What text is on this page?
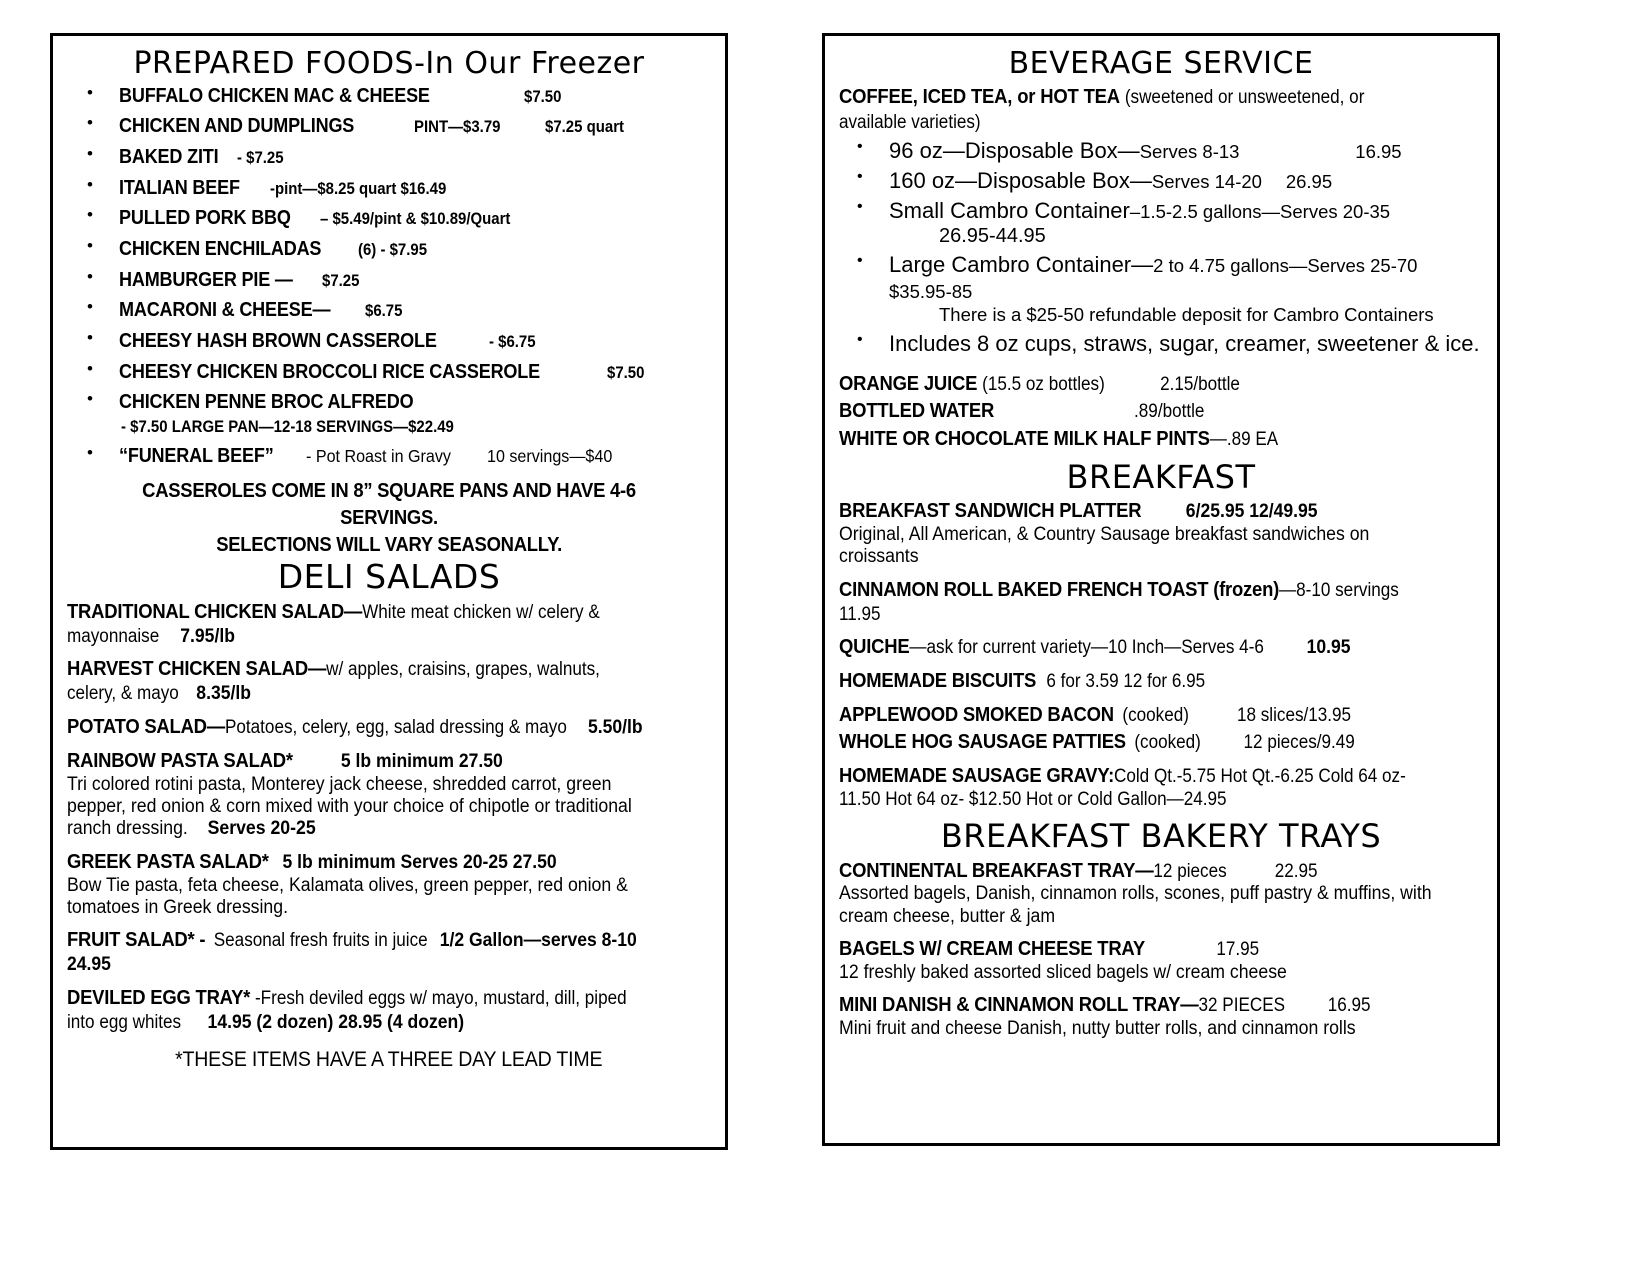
PREPARED FOODS-In Our Freezer
• BUFFALO CHICKEN MAC & CHEESE	$7.50
• CHICKEN AND DUMPLINGS	PINT—$3.79	$7.25 quart
• BAKED ZITI - $7.25
• ITALIAN BEEF -pint—$8.25 quart $16.49
• PULLED PORK BBQ – $5.49/pint & $10.89/Quart
• CHICKEN ENCHILADAS (6) - $7.95
• HAMBURGER PIE — $7.25
• MACARONI & CHEESE— $6.75
• CHEESY HASH BROWN CASSEROLE	- $6.75
• CHEESY CHICKEN BROCCOLI RICE CASSEROLE	$7.50
• CHICKEN PENNE BROC ALFREDO - $7.50 LARGE PAN—12-18 SERVINGS—$22.49
• “FUNERAL BEEF” - Pot Roast in Gravy 10 servings—$40
CASSEROLES COME IN 8” SQUARE PANS AND HAVE 4-6 SERVINGS.
SELECTIONS WILL VARY SEASONALLY.
DELI SALADS
TRADITIONAL CHICKEN SALAD—White meat chicken w/ celery & mayonnaise 7.95/lb
HARVEST CHICKEN SALAD—w/ apples, craisins, grapes, walnuts, celery, & mayo 8.35/lb
POTATO SALAD—Potatoes, celery, egg, salad dressing & mayo 5.50/lb
RAINBOW PASTA SALAD* 5 lb minimum 27.50
Tri colored rotini pasta, Monterey jack cheese, shredded carrot, green pepper, red onion & corn mixed with your choice of chipotle or traditional ranch dressing. Serves 20-25
GREEK PASTA SALAD* 5 lb minimum Serves 20-25 27.50
Bow Tie pasta, feta cheese, Kalamata olives, green pepper, red onion & tomatoes in Greek dressing.
FRUIT SALAD* - Seasonal fresh fruits in juice 1/2 Gallon—serves 8-10 24.95
DEVILED EGG TRAY* -Fresh deviled eggs w/ mayo, mustard, dill, piped into egg whites 14.95 (2 dozen) 28.95 (4 dozen)
*THESE ITEMS HAVE A THREE DAY LEAD TIME
BEVERAGE SERVICE
COFFEE, ICED TEA, or HOT TEA (sweetened or unsweetened, or available varieties)
• 96 oz—Disposable Box—Serves 8-13	16.95
• 160 oz—Disposable Box—Serves 14-20 26.95
• Small Cambro Container–1.5-2.5 gallons—Serves 20-35
26.95-44.95
• Large Cambro Container—2 to 4.75 gallons—Serves 25-70 $35.95-85
There is a $25-50 refundable deposit for Cambro Containers
• Includes 8 oz cups, straws, sugar, creamer, sweetener & ice.
ORANGE JUICE (15.5 oz bottles)	2.15/bottle
BOTTLED WATER	.89/bottle
WHITE OR CHOCOLATE MILK HALF PINTS—.89 EA
BREAKFAST
BREAKFAST SANDWICH PLATTER 6/25.95 12/49.95
Original, All American, & Country Sausage breakfast sandwiches on croissants
CINNAMON ROLL BAKED FRENCH TOAST (frozen)—8-10 servings 11.95
QUICHE—ask for current variety—10 Inch—Serves 4-6 10.95
HOMEMADE BISCUITS 6 for 3.59 12 for 6.95
APPLEWOOD SMOKED BACON (cooked)	18 slices/13.95
WHOLE HOG SAUSAGE PATTIES (cooked) 12 pieces/9.49
HOMEMADE SAUSAGE GRAVY:Cold Qt.-5.75 Hot Qt.-6.25 Cold 64 oz-11.50 Hot 64 oz- $12.50 Hot or Cold Gallon—24.95
BREAKFAST BAKERY TRAYS
CONTINENTAL BREAKFAST TRAY—12 pieces	22.95
Assorted bagels, Danish, cinnamon rolls, scones, puff pastry & muffins, with cream cheese, butter & jam
BAGELS W/ CREAM CHEESE TRAY	17.95
12 freshly baked assorted sliced bagels w/ cream cheese
MINI DANISH & CINNAMON ROLL TRAY—32 PIECES 16.95
Mini fruit and cheese Danish, nutty butter rolls, and cinnamon rolls
